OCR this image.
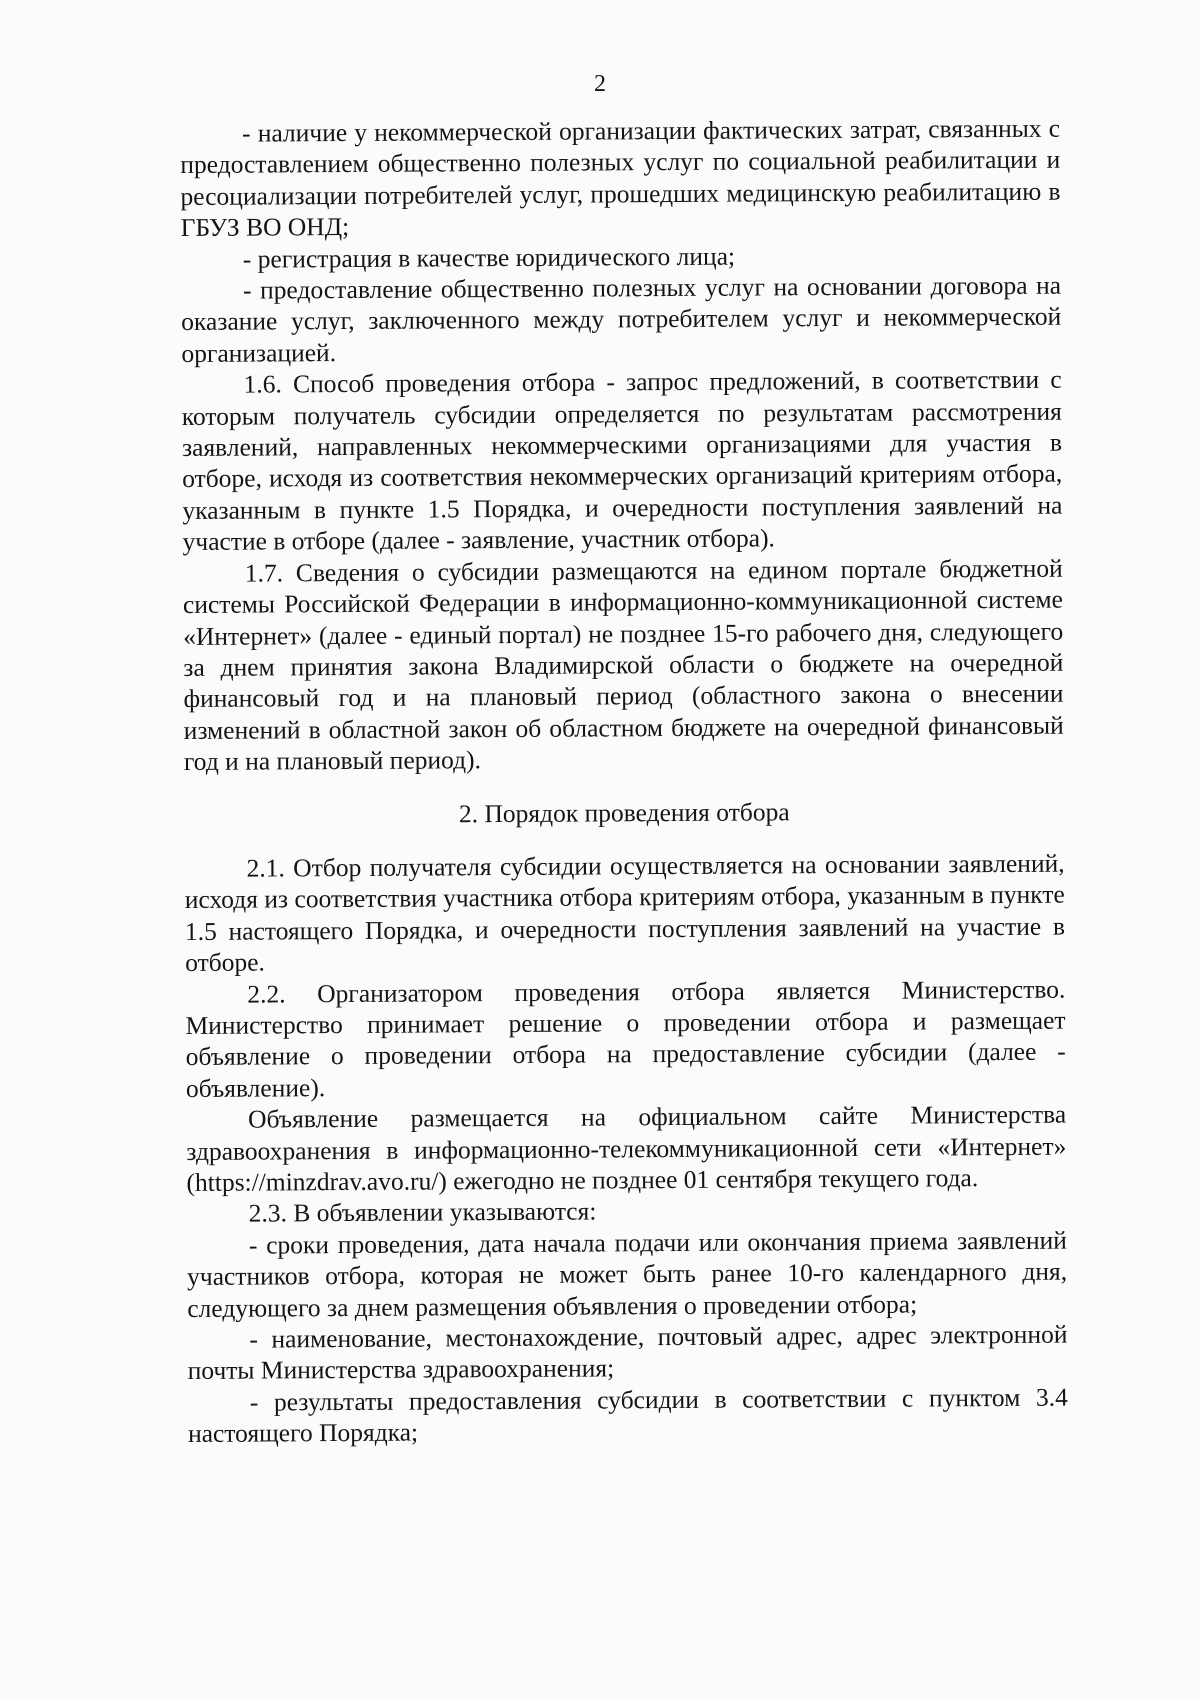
2

- наличие у некоммерческой организации фактических затрат, связанных с предоставлением общественно полезных услуг по социальной реабилитации и ресоциализации потребителей услуг, прошедших медицинскую реабилитацию в ГБУЗ ВО ОНД;

- регистрация в качестве юридического лица;

- предоставление общественно полезных услуг на основании договора на оказание услуг, заключенного между потребителем услуг и некоммерческой организацией.

1.6. Способ проведения отбора - запрос предложений, в соответствии с которым получатель субсидии определяется по результатам рассмотрения заявлений, направленных некоммерческими организациями для участия в отборе, исходя из соответствия некоммерческих организаций критериям отбора, указанным в пункте 1.5 Порядка, и очередности поступления заявлений на участие в отборе (далее - заявление, участник отбора).

1.7. Сведения о субсидии размещаются на едином портале бюджетной системы Российской Федерации в информационно-коммуникационной системе «Интернет» (далее - единый портал) не позднее 15-го рабочего дня, следующего за днем принятия закона Владимирской области о бюджете на очередной финансовый год и на плановый период (областного закона о внесении изменений в областной закон об областном бюджете на очередной финансовый год и на плановый период).

2. Порядок проведения отбора

2.1. Отбор получателя субсидии осуществляется на основании заявлений, исходя из соответствия участника отбора критериям отбора, указанным в пункте 1.5 настоящего Порядка, и очередности поступления заявлений на участие в отборе.

2.2. Организатором проведения отбора является Министерство. Министерство принимает решение о проведении отбора и размещает объявление о проведении отбора на предоставление субсидии (далее - объявление).

Объявление размещается на официальном сайте Министерства здравоохранения в информационно-телекоммуникационной сети «Интернет» (https://minzdrav.avo.ru/) ежегодно не позднее 01 сентября текущего года.

2.3. В объявлении указываются:

- сроки проведения, дата начала подачи или окончания приема заявлений участников отбора, которая не может быть ранее 10-го календарного дня, следующего за днем размещения объявления о проведении отбора;

- наименование, местонахождение, почтовый адрес, адрес электронной почты Министерства здравоохранения;

- результаты предоставления субсидии в соответствии с пунктом 3.4 настоящего Порядка;
